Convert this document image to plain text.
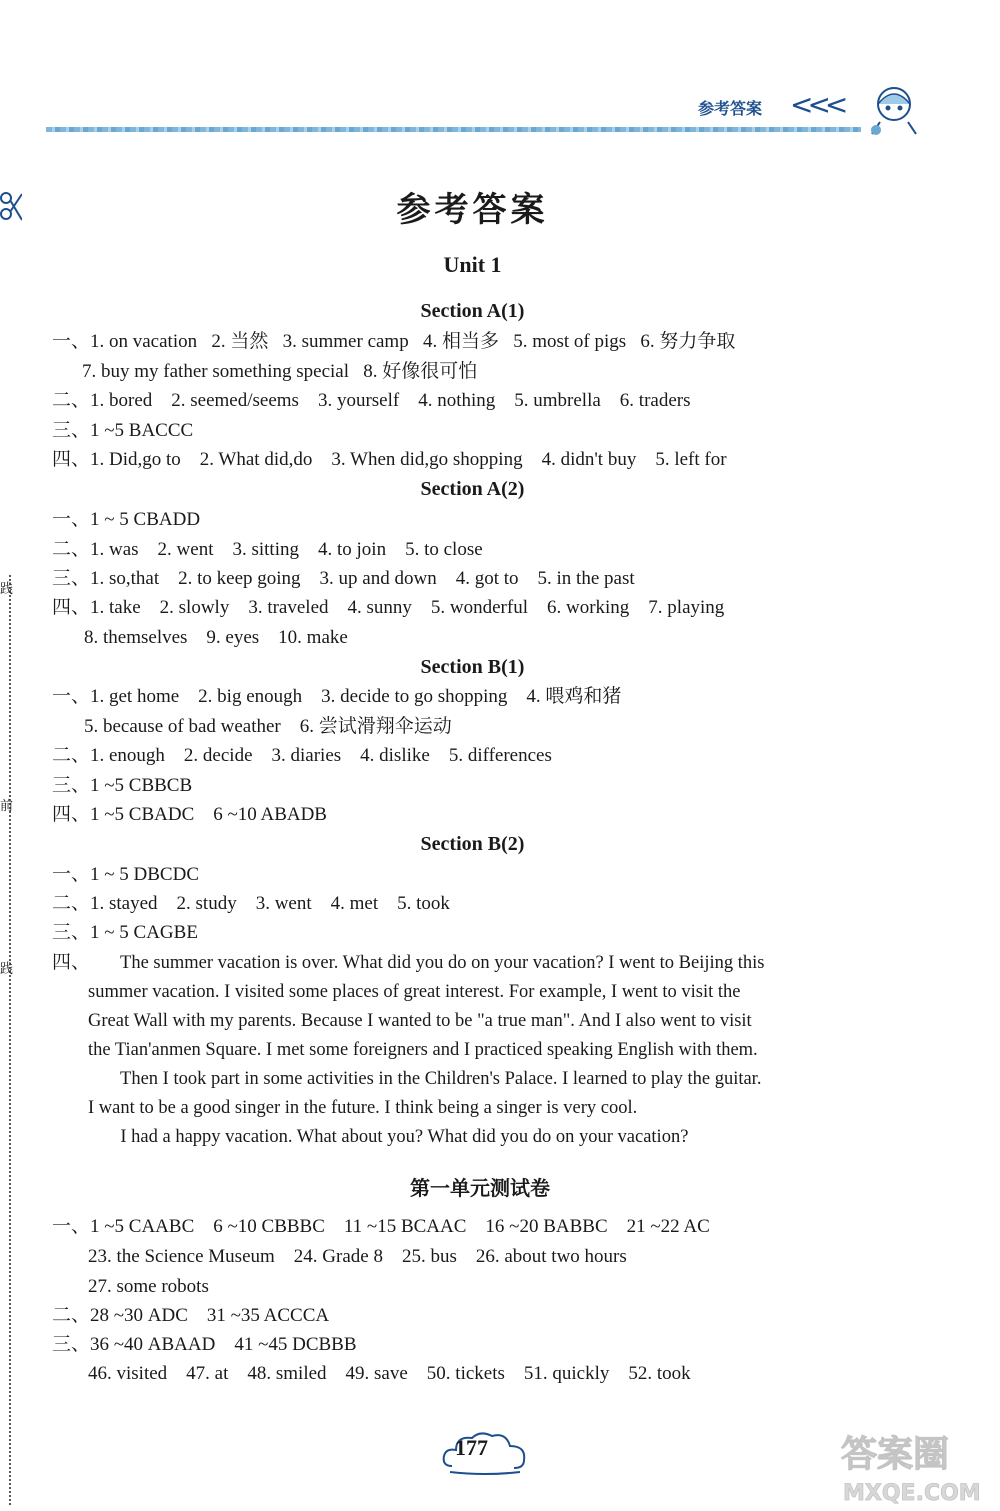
参考答案 <<<
践
前
践
参考答案
Unit 1
Section A(1)
一、1. on vacation   2. 当然   3. summer camp   4. 相当多   5. most of pigs   6. 努力争取
7. buy my father something special   8. 好像很可怕
二、1. bored    2. seemed/seems    3. yourself    4. nothing    5. umbrella    6. traders
三、1 ~5 BACCC
四、1. Did,go to    2. What did,do    3. When did,go shopping    4. didn't buy    5. left for
Section A(2)
一、1 ~ 5 CBADD
二、1. was    2. went    3. sitting    4. to join    5. to close
三、1. so,that    2. to keep going    3. up and down    4. got to    5. in the past
四、1. take    2. slowly    3. traveled    4. sunny    5. wonderful    6. working    7. playing
8. themselves    9. eyes    10. make
Section B(1)
一、1. get home    2. big enough    3. decide to go shopping    4. 喂鸡和猪
5. because of bad weather    6. 尝试滑翔伞运动
二、1. enough    2. decide    3. diaries    4. dislike    5. differences
三、1 ~5 CBBCB
四、1 ~5 CBADC    6 ~10 ABADB
Section B(2)
一、1 ~ 5 DBCDC
二、1. stayed    2. study    3. went    4. met    5. took
三、1 ~ 5 CAGBE
四、
The summer vacation is over. What did you do on your vacation? I went to Beijing this
summer vacation. I visited some places of great interest. For example, I went to visit the
Great Wall with my parents. Because I wanted to be "a true man". And I also went to visit
the Tian'anmen Square. I met some foreigners and I practiced speaking English with them.
Then I took part in some activities in the Children's Palace. I learned to play the guitar.
I want to be a good singer in the future. I think being a singer is very cool.
I had a happy vacation. What about you? What did you do on your vacation?
第一单元测试卷
一、1 ~5 CAABC    6 ~10 CBBBC    11 ~15 BCAAC    16 ~20 BABBC    21 ~22 AC
23. the Science Museum    24. Grade 8    25. bus    26. about two hours
27. some robots
二、28 ~30 ADC    31 ~35 ACCCA
三、36 ~40 ABAAD    41 ~45 DCBBB
46. visited    47. at    48. smiled    49. save    50. tickets    51. quickly    52. took
177	答案圈
MXQE.COM
